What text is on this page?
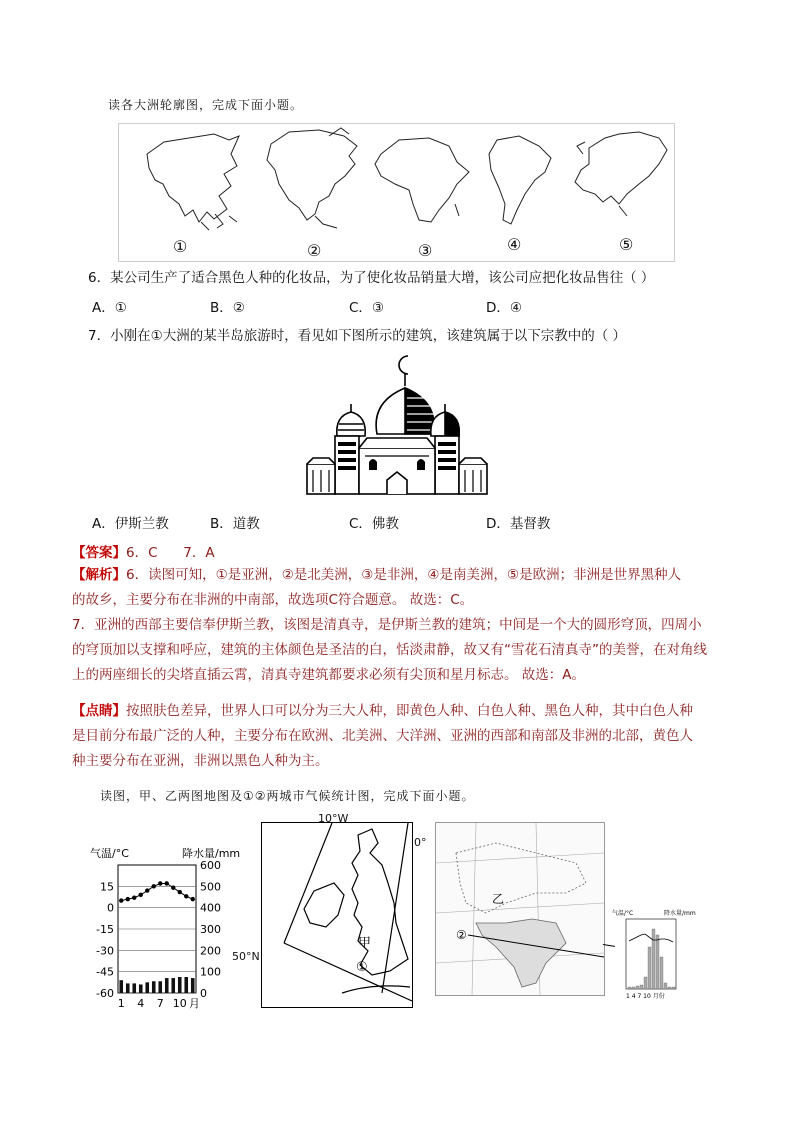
读各大洲轮廓图，完成下面小题。
①	②	③	④	⑤
6．某公司生产了适合黑色人种的化妆品，为了使化妆品销量大增，该公司应把化妆品售往（ ）
A．①	B．②	C．③	D．④
7．小刚在①大洲的某半岛旅游时，看见如下图所示的建筑，该建筑属于以下宗教中的（ ）
A．伊斯兰教	B．道教	C．佛教	D．基督教
【答案】6．C      7．A
【解析】6．读图可知，①是亚洲，②是北美洲，③是非洲，④是南美洲，⑤是欧洲；非洲是世界黑种人
的故乡，主要分布在非洲的中南部，故选项C符合题意。 故选：C。
7．亚洲的西部主要信奉伊斯兰教，该图是清真寺，是伊斯兰教的建筑；中间是一个大的圆形穹顶，四周小
的穹顶加以支撑和呼应，建筑的主体颜色是圣洁的白，恬淡肃静，故又有“雪花石清真寺”的美誉，在对角线
上的两座细长的尖塔直插云霄，清真寺建筑都要求必须有尖顶和星月标志。 故选：A。
【点睛】按照肤色差异，世界人口可以分为三大人种，即黄色人种、白色人种、黑色人种，其中白色人种
是目前分布最广泛的人种，主要分布在欧洲、北美洲、大洋洲、亚洲的西部和南部及非洲的北部，黄色人
种主要分布在亚洲，非洲以黑色人种为主。
读图，甲、乙两图地图及①②两城市气候统计图，完成下面小题。
气温/°C	降水量/mm
15
0
-15
-30
-45
-60
600
500
400
300
200
100
0
1 4 7 10 月
甲
①
10°W
0°
50°N
乙
②
气温/°C	降水量/mm
1 4 7 10 月份
